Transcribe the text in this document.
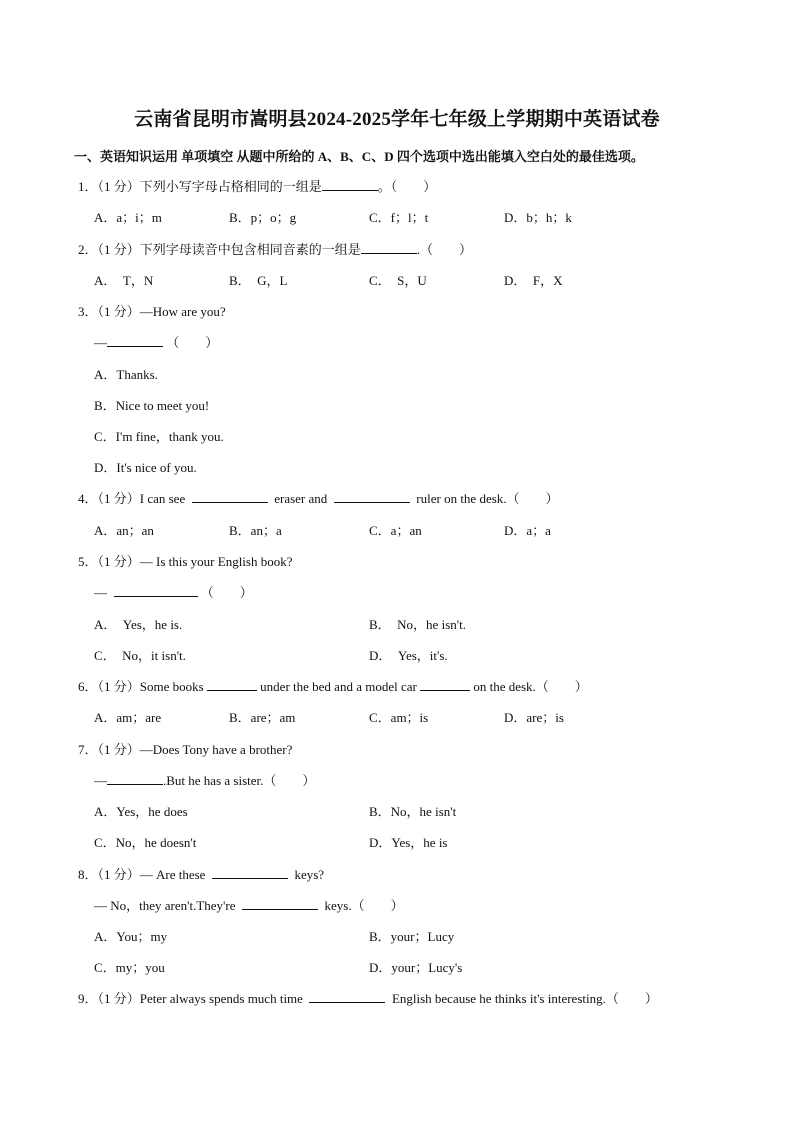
云南省昆明市嵩明县2024-2025学年七年级上学期期中英语试卷
一、英语知识运用 单项填空 从题中所给的 A、B、C、D 四个选项中选出能填入空白处的最佳选项。
1．（1 分）下列小写字母占格相同的一组是	。（　　）
A．a；i；m	B．p；o；g	C．f；l；t	D．b；h；k
2．（1 分）下列字母读音中包含相同音素的一组是	.（　　）
A．　T，N	B．　G，L	C．　S，U	D．　F，X
3．（1 分）—How are you?
—	（　　）
A．Thanks.
B．Nice to meet you!
C．I'm fine，thank you.
D．It's nice of you.
4．（1 分）I can see	eraser and	ruler on the desk.（　　）
A．an；an	B．an；a	C．a；an	D．a；a
5．（1 分）— Is this your English book?
—	（　　）
A．　Yes，he is.	B．　No，he isn't.
C．　No，it isn't.	D．　Yes，it's.
6．（1 分）Some books	under the bed and a model car	on the desk.（　　）
A．am；are	B．are；am	C．am；is	D．are；is
7．（1 分）—Does Tony have a brother?
—	.But he has a sister.（　　）
A．Yes，he does	B．No，he isn't
C．No，he doesn't	D．Yes，he is
8．（1 分）— Are these	keys?
— No，they aren't.They're	keys.（　　）
A．You；my	B．your；Lucy
C．my；you	D．your；Lucy's
9．（1 分）Peter always spends much time	English because he thinks it's interesting.（　　）
